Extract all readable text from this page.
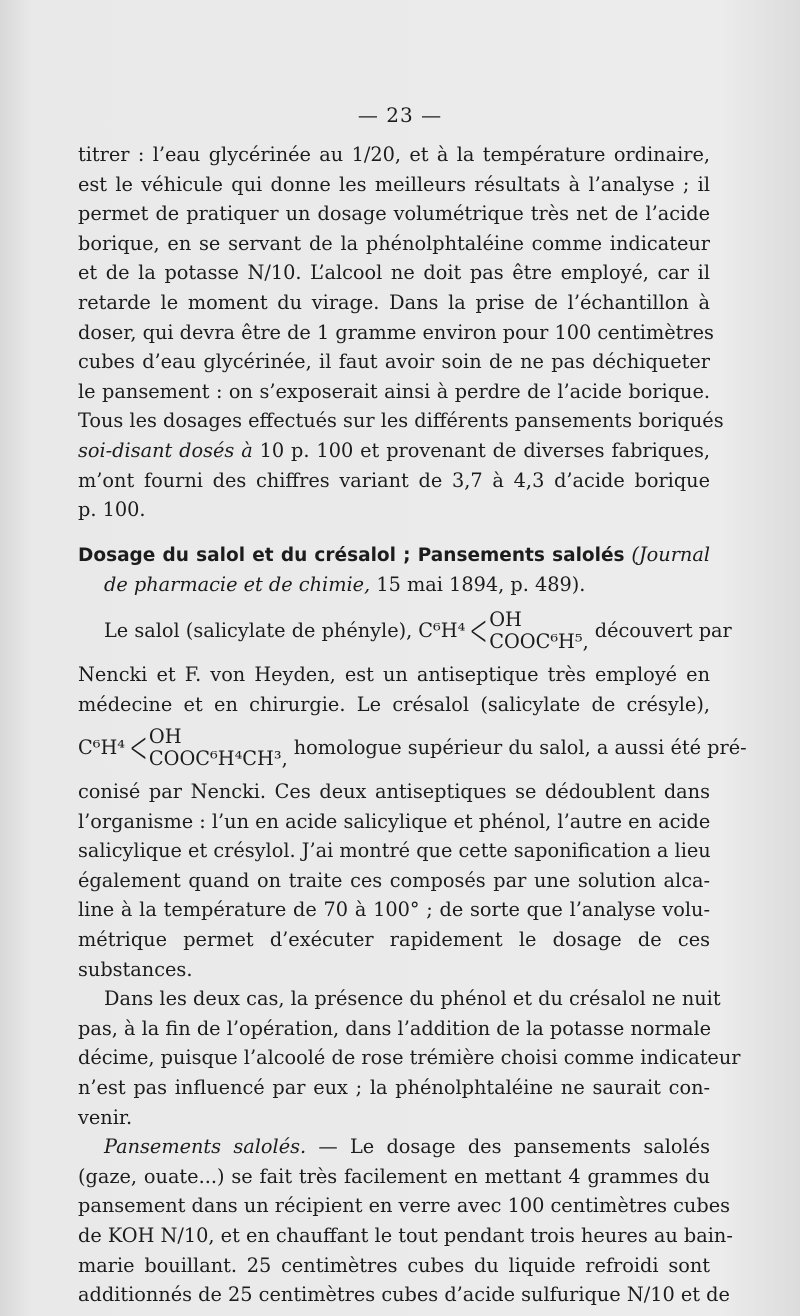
— 23 —
titrer : l’eau glycérinée au 1/20, et à la température ordinaire,
est le véhicule qui donne les meilleurs résultats à l’analyse ; il
permet de pratiquer un dosage volumétrique très net de l’acide
borique, en se servant de la phénolphtaléine comme indicateur
et de la potasse N/10. L’alcool ne doit pas être employé, car il
retarde le moment du virage. Dans la prise de l’échantillon à
doser, qui devra être de 1 gramme environ pour 100 centimètres
cubes d’eau glycérinée, il faut avoir soin de ne pas déchiqueter
le pansement : on s’exposerait ainsi à perdre de l’acide borique.
Tous les dosages effectués sur les différents pansements boriqués
soi-disant dosés à 10 p. 100 et provenant de diverses fabriques,
m’ont fourni des chiffres variant de 3,7 à 4,3 d’acide borique
p. 100.
Dosage du salol et du crésalol ; Pansements salolés (Journal
de pharmacie et de chimie, 15 mai 1894, p. 489).
Le salol (salicylate de phényle), C⁶H⁴ < OH
COOC⁶H⁵, découvert par
Nencki et F. von Heyden, est un antiseptique très employé en
médecine et en chirurgie. Le crésalol (salicylate de crésyle),
C⁶H⁴ < OH
COOC⁶H⁴CH³, homologue supérieur du salol, a aussi été pré-
conisé par Nencki. Ces deux antiseptiques se dédoublent dans
l’organisme : l’un en acide salicylique et phénol, l’autre en acide
salicylique et crésylol. J’ai montré que cette saponification a lieu
également quand on traite ces composés par une solution alca-
line à la température de 70 à 100° ; de sorte que l’analyse volu-
métrique permet d’exécuter rapidement le dosage de ces
substances.
Dans les deux cas, la présence du phénol et du crésalol ne nuit
pas, à la fin de l’opération, dans l’addition de la potasse normale
décime, puisque l’alcoolé de rose trémière choisi comme indicateur
n’est pas influencé par eux ; la phénolphtaléine ne saurait con-
venir.
Pansements salolés. — Le dosage des pansements salolés
(gaze, ouate...) se fait très facilement en mettant 4 grammes du
pansement dans un récipient en verre avec 100 centimètres cubes
de KOH N/10, et en chauffant le tout pendant trois heures au bain-
marie bouillant. 25 centimètres cubes du liquide refroidi sont
additionnés de 25 centimètres cubes d’acide sulfurique N/10 et de
